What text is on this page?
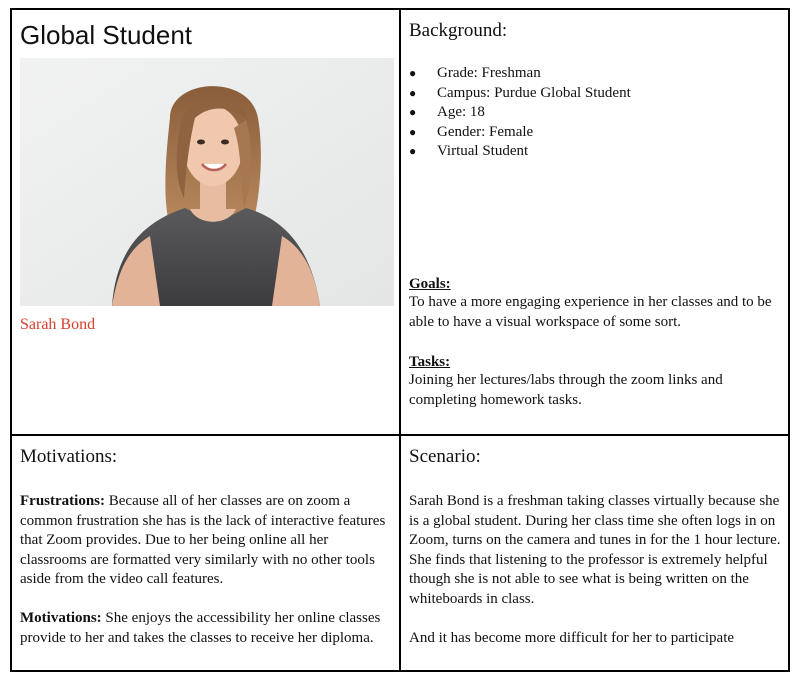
Global Student
Sarah Bond
Background:
● Grade: Freshman
● Campus: Purdue Global Student
● Age: 18
● Gender: Female
● Virtual Student
Goals:
To have a more engaging experience in her classes and to be able to have a visual workspace of some sort.
Tasks:
Joining her lectures/labs through the zoom links and completing homework tasks.
Motivations:

Frustrations: Because all of her classes are on zoom a common frustration she has is the lack of interactive features that Zoom provides. Due to her being online all her classrooms are formatted very similarly with no other tools aside from the video call features.

Motivations: She enjoys the accessibility her online classes provide to her and takes the classes to receive her diploma.

Scenario:

Sarah Bond is a freshman taking classes virtually because she is a global student. During her class time she often logs in on Zoom, turns on the camera and tunes in for the 1 hour lecture. She finds that listening to the professor is extremely helpful though she is not able to see what is being written on the whiteboards in class.

And it has become more difficult for her to participate
